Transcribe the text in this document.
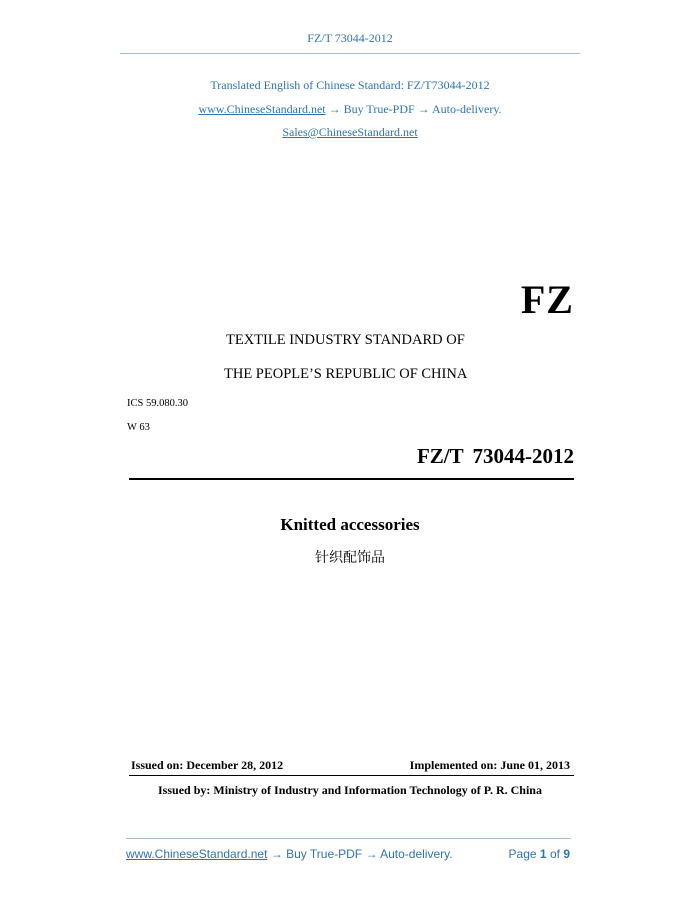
FZ/T 73044-2012
Translated English of Chinese Standard: FZ/T73044-2012
www.ChineseStandard.net → Buy True-PDF → Auto-delivery.
Sales@ChineseStandard.net
FZ
TEXTILE INDUSTRY STANDARD OF
THE PEOPLE’S REPUBLIC OF CHINA
ICS 59.080.30
W 63
FZ/T 73044-2012
Knitted accessories
针织配饰品
Issued on: December 28, 2012	Implemented on: June 01, 2013
Issued by: Ministry of Industry and Information Technology of P. R. China
www.ChineseStandard.net → Buy True-PDF → Auto-delivery.	Page 1 of 9
